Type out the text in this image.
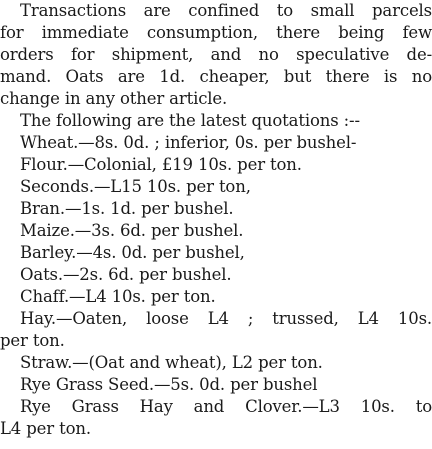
Transactions are confined to small parcels
for immediate consumption, there being few
orders for shipment, and no speculative de-
mand. Oats are 1d. cheaper, but there is no
change in any other article.
The following are the latest quotations :--
Wheat.—8s. 0d. ; inferior, 0s. per bushel-
Flour.—Colonial, £19 10s. per ton.
Seconds.—L15 10s. per ton,
Bran.—1s. 1d. per bushel.
Maize.—3s. 6d. per bushel.
Barley.—4s. 0d. per bushel,
Oats.—2s. 6d. per bushel.
Chaff.—L4 10s. per ton.
Hay.—Oaten, loose L4 ; trussed, L4 10s.
per ton.
Straw.—(Oat and wheat), L2 per ton.
Rye Grass Seed.—5s. 0d. per bushel
Rye Grass Hay and Clover.—L3 10s. to
L4 per ton.
